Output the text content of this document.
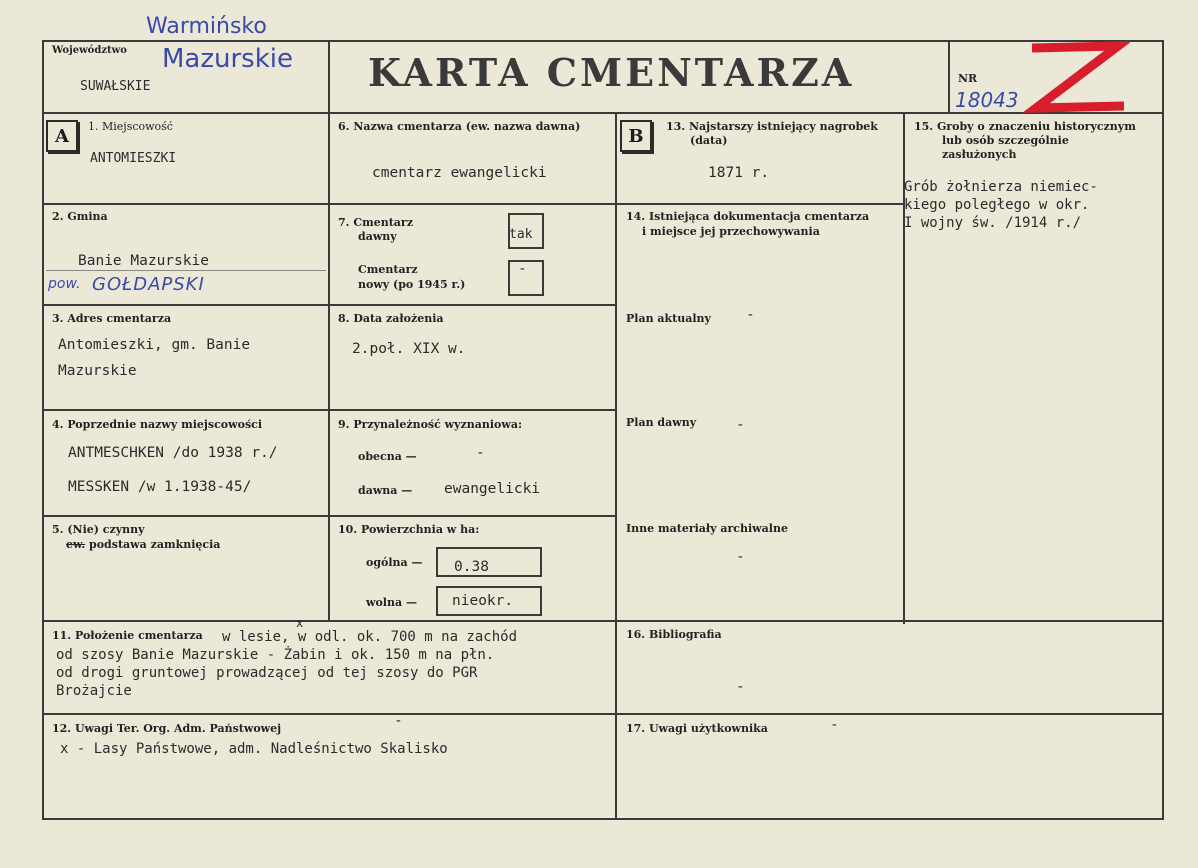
Województwo
Warmińsko
Mazurskie
SUWAŁSKIE	KARTA CMENTARZA	NR
18043
A	B
1. Miejscowość
ANTOMIESZKI
2. Gmina
Banie Mazurskie
pow. GOŁDAPSKI
3. Adres cmentarza
Antomieszki, gm. Banie
Mazurskie
4. Poprzednie nazwy miejscowości
ANTMESCHKEN /do 1938 r./
MESSKEN /w 1.1938-45/
5. (Nie) czynny
ew. podstawa zamknięcia
6. Nazwa cmentarza (ew. nazwa dawna)
cmentarz ewangelicki
7. Cmentarz
dawny	tak
Cmentarz
nowy (po 1945 r.)
-
8. Data założenia
2.poł. XIX w.
9. Przynależność wyznaniowa:
obecna —	-
dawna — ewangelicki
10. Powierzchnia w ha:
ogólna — 0.38
wolna — nieokr.
13. Najstarszy istniejący nagrobek
(data)
1871 r.
14. Istniejąca dokumentacja cmentarza
i miejsce jej przechowywania
Plan aktualny -
Plan dawny	-
Inne materiały archiwalne
-
15. Groby o znaczeniu historycznym
lub osób szczególnie
zasłużonych
Grób żołnierza niemiec-
kiego poległego w okr.
I wojny św. /1914 r./
11. Położenie cmentarza
x
w lesie, w odl. ok. 700 m na zachód
od szosy Banie Mazurskie - Żabin i ok. 150 m na płn.
od drogi gruntowej prowadzącej od tej szosy do PGR
Brożajcie
16. Bibliografia
-
12. Uwagi Ter. Org. Adm. Państwowej	-
x - Lasy Państwowe, adm. Nadleśnictwo Skalisko
17. Uwagi użytkownika	-
